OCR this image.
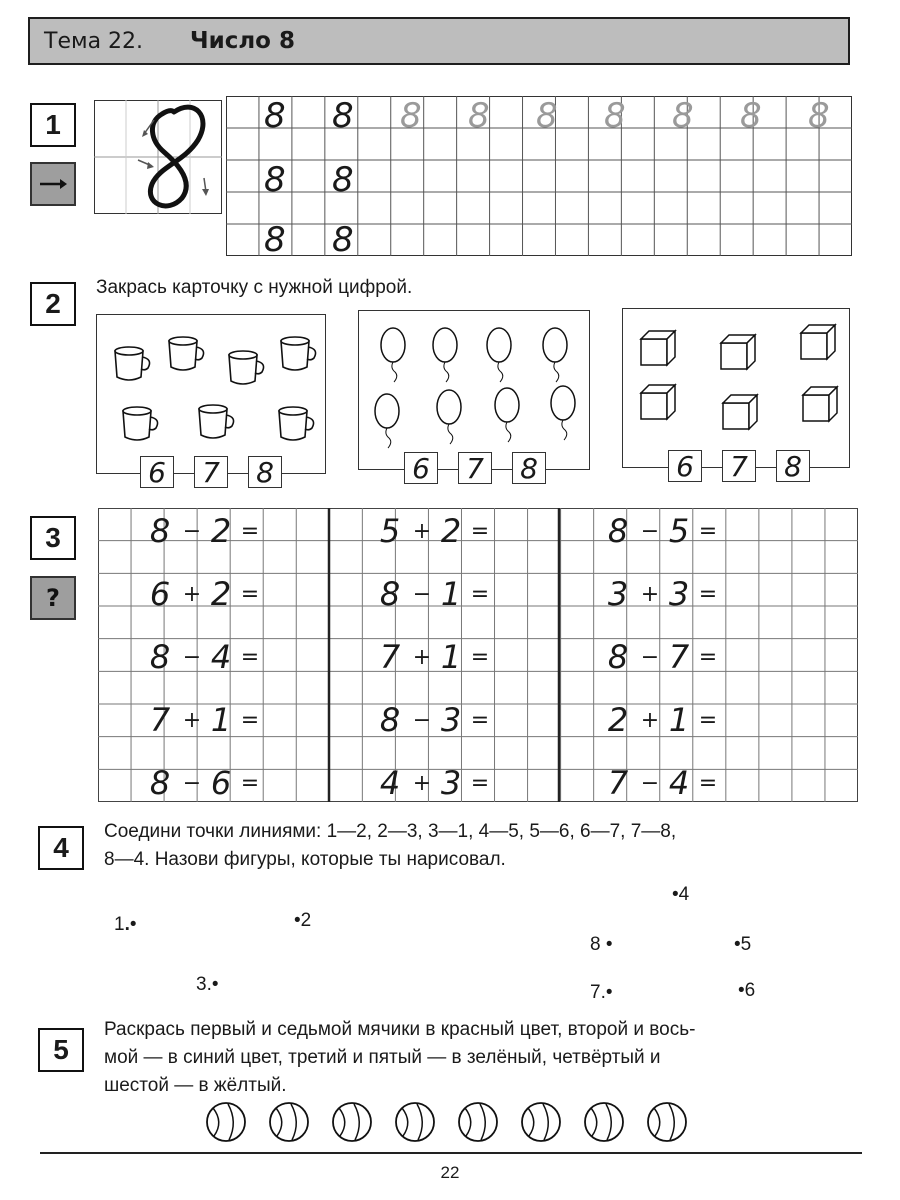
Тема 22. Число 8
1	8	8	8	8	8	8	8	8	8
8	8
8	8
2
Закрась карточку с нужной цифрой.
6 7 8	6 7 8	6 7 8
3
?
8 − 2 =
6 + 2 =
8 − 4 =
7 + 1 =
8 − 6 =
5 + 2 =
8 − 1 =
7 + 1 =
8 − 3 =
4 + 3 =
8 − 5 =
3 + 3 =
8 − 7 =
2 + 1 =
7 − 4 =
4
Соедини точки линиями: 1—2, 2—3, 3—1, 4—5, 5—6, 6—7, 7—8,
8—4. Назови фигуры, которые ты нарисовал.
1.•	•2
3.•
•4
•5
•6
7.•
8 •
5
Раскрась первый и седьмой мячики в красный цвет, второй и вось-
мой — в синий цвет, третий и пятый — в зелёный, четвёртый и
шестой — в жёлтый.
22
